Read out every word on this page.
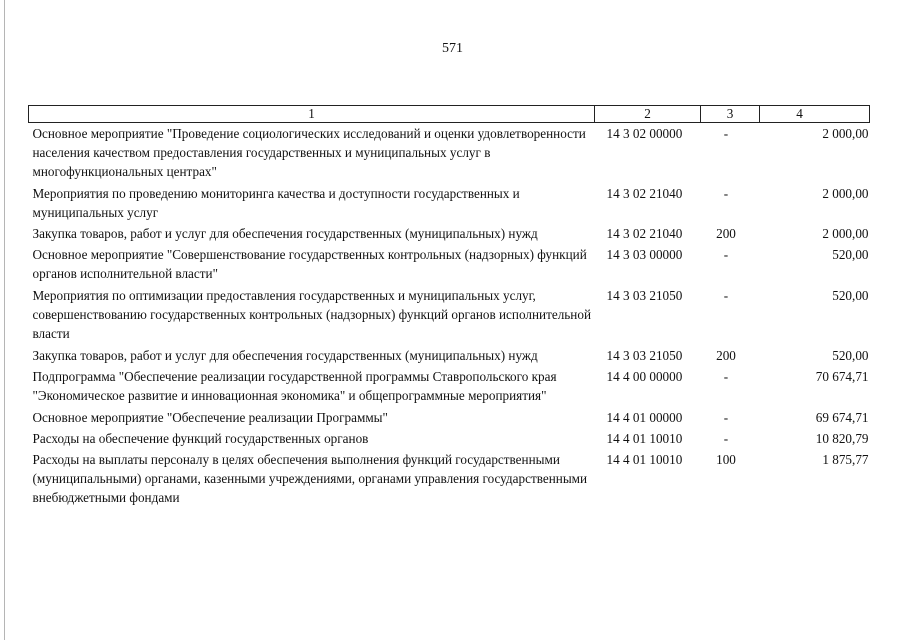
571
1	2	3	4
Основное мероприятие "Проведение социологических исследований и оценки удовлетворенности населения качеством предоставления государственных и муниципальных услуг в многофункциональных центрах"	14 3 02 00000	-	2 000,00
Мероприятия по проведению мониторинга качества и доступности государственных и муниципальных услуг	14 3 02 21040	-	2 000,00
Закупка товаров, работ и услуг для обеспечения государственных (муниципальных) нужд	14 3 02 21040	200	2 000,00
Основное мероприятие "Совершенствование государственных контрольных (надзорных) функций органов исполнительной власти"	14 3 03 00000	-	520,00
Мероприятия по оптимизации предоставления государственных и муниципальных услуг, совершенствованию государственных контрольных (надзорных) функций органов исполнительной власти	14 3 03 21050	-	520,00
Закупка товаров, работ и услуг для обеспечения государственных (муниципальных) нужд	14 3 03 21050	200	520,00
Подпрограмма "Обеспечение реализации государственной программы Ставропольского края "Экономическое развитие и инновационная экономика" и общепрограммные мероприятия"	14 4 00 00000	-	70 674,71
Основное мероприятие "Обеспечение реализации Программы"	14 4 01 00000	-	69 674,71
Расходы на обеспечение функций государственных органов	14 4 01 10010	-	10 820,79
Расходы на выплаты персоналу в целях обеспечения выполнения функций государственными (муниципальными) органами, казенными учреждениями, органами управления государственными внебюджетными фондами	14 4 01 10010	100	1 875,77
